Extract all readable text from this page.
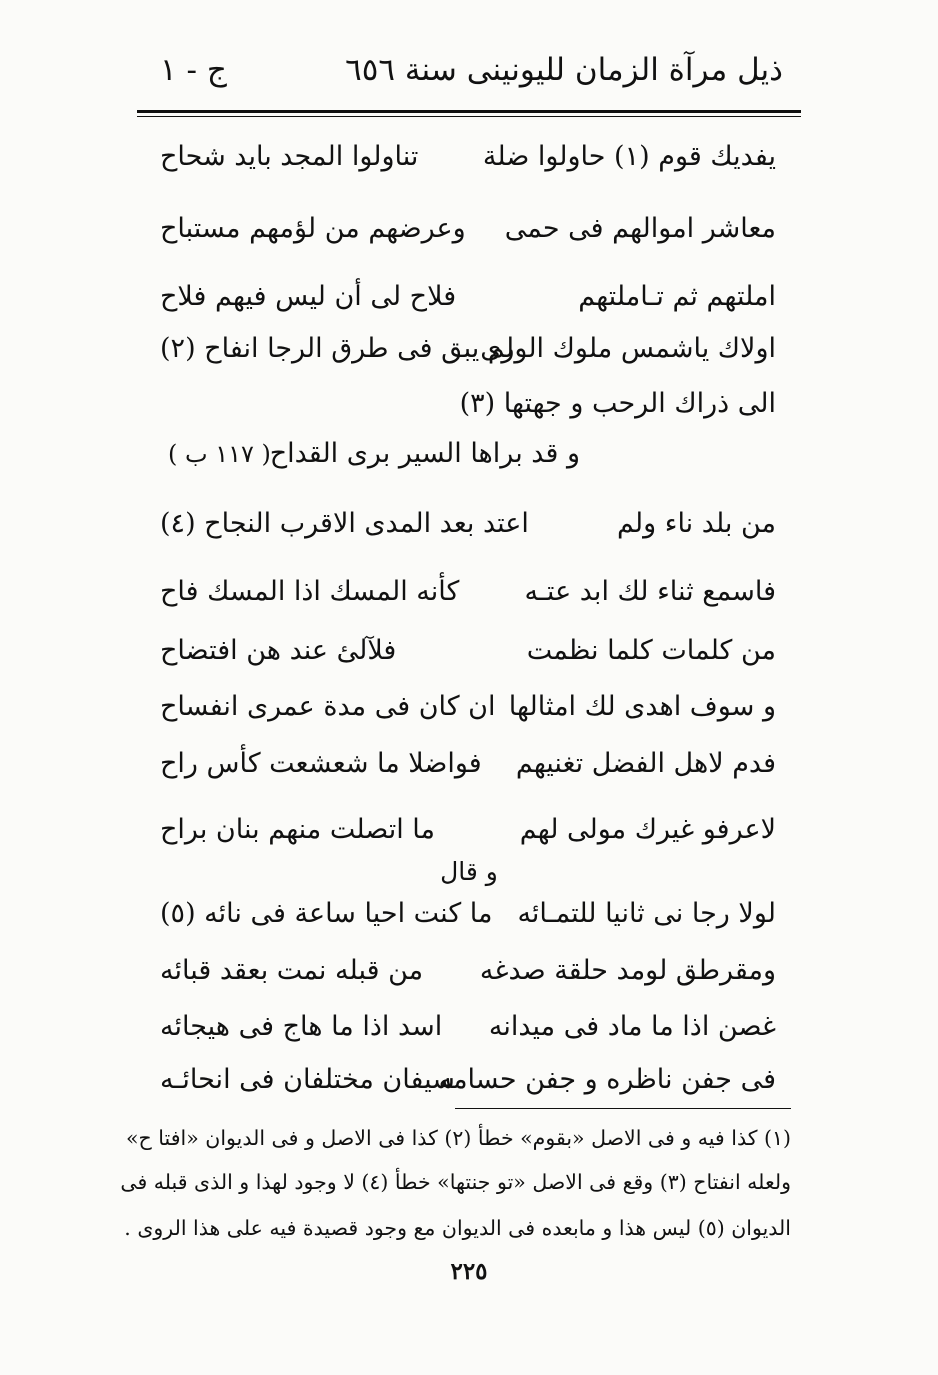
ذيل مرآة الزمان لليونينى سنة ٦٥٦
ج - ١
يفديك قوم (١) حاولوا ضلة
تناولوا المجد بايد شحاح
معاشر اموالهم فى حمى
وعرضهم من لؤمهم مستباح
املتهم ثم تـاملتهم
فلاح لى أن ليس فيهم فلاح
اولاك ياشمس ملوك الورى
لم يبق فى طرق الرجا انفاح (٢)
الى ذراك الرحب و جهتها (٣)
و قد براها السير برى القداح
( ١١٧ ب )
من بلد ناء ولم
اعتد بعد المدى الاقرب النجاح (٤)
فاسمع ثناء لك ابد عتـه
كأنه المسك اذا المسك فاح
من كلمات كلما نظمت
فلآلئ عند هن افتضاح
و سوف اهدى لك امثالها
ان كان فى مدة عمرى انفساح
فدم لاهل الفضل تغنيهم
فواضلا ما شعشعت كأس راح
لاعرفو غيرك مولى لهم
ما اتصلت منهم بنان براح
و قال
لولا رجا نى ثانيا للتمـائه
ما كنت احيا ساعة فى نائه (٥)
ومقرطق لومد حلقة صدغه
من قبله نمت بعقد قبائه
غصن اذا ما ماد فى ميدانه
اسد اذا ما هاج فى هيجائه
فى جفن ناظره و جفن حسامه
سيفان مختلفان فى انحائـه
(١) كذا فيه و فى الاصل «بقوم» خطأ (٢) كذا فى الاصل و فى الديوان «افتا ح»
ولعله انفتاح (٣) وقع فى الاصل «تو جنتها» خطأ (٤) لا وجود لهذا و الذى قبله فى
الديوان (٥) ليس هذا و مابعده فى الديوان مع وجود قصيدة فيه على هذا الروى .
٢٢٥
